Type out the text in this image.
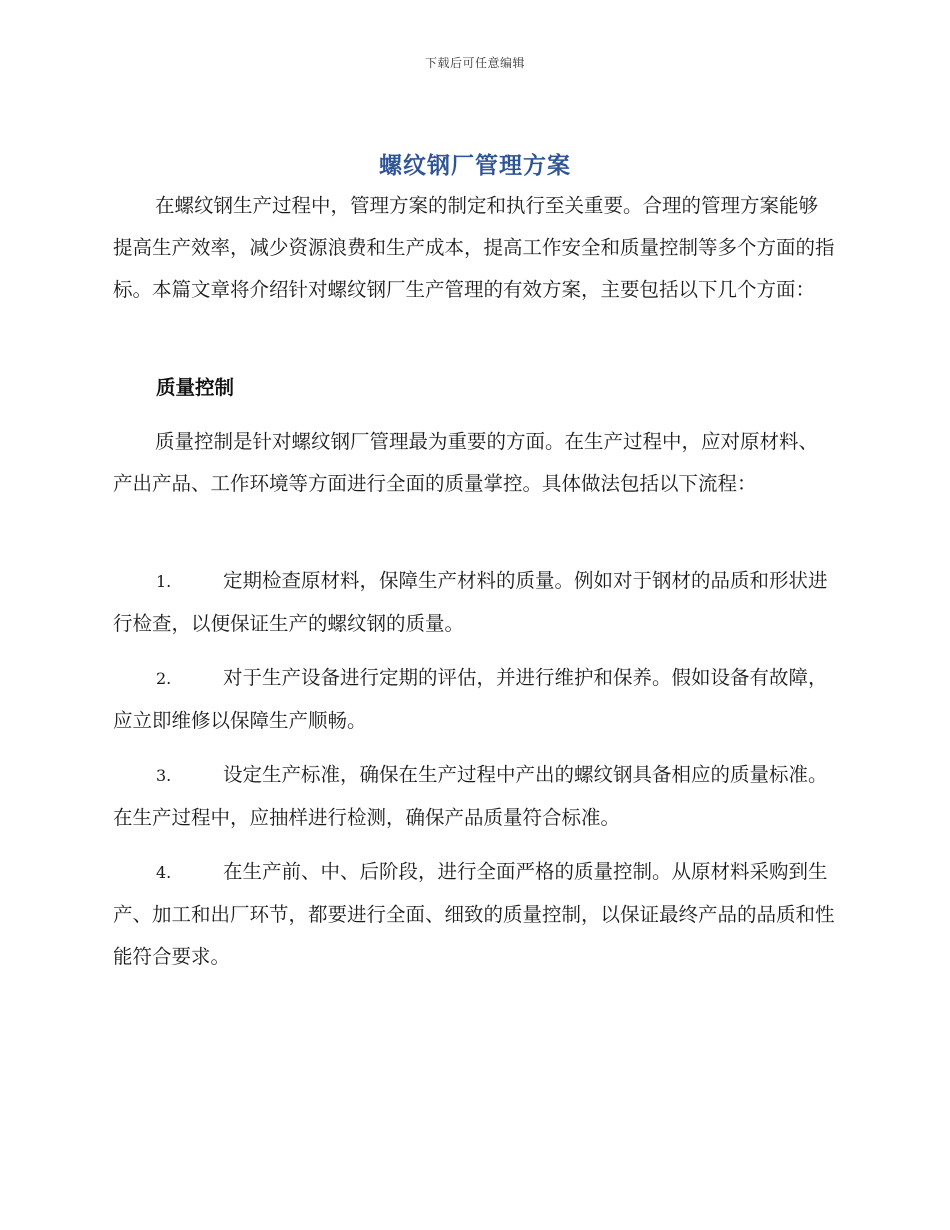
下载后可任意编辑
螺纹钢厂管理方案

在螺纹钢生产过程中，管理方案的制定和执行至关重要。合理的管理方案能够提高生产效率，减少资源浪费和生产成本，提高工作安全和质量控制等多个方面的指标。本篇文章将介绍针对螺纹钢厂生产管理的有效方案，主要包括以下几个方面：

质量控制

质量控制是针对螺纹钢厂管理最为重要的方面。在生产过程中，应对原材料、产出产品、工作环境等方面进行全面的质量掌控。具体做法包括以下流程：

1.	定期检查原材料，保障生产材料的质量。例如对于钢材的品质和形状进行检查，以便保证生产的螺纹钢的质量。

2.	对于生产设备进行定期的评估，并进行维护和保养。假如设备有故障，应立即维修以保障生产顺畅。

3.	设定生产标准，确保在生产过程中产出的螺纹钢具备相应的质量标准。在生产过程中，应抽样进行检测，确保产品质量符合标准。

4.	在生产前、中、后阶段，进行全面严格的质量控制。从原材料采购到生产、加工和出厂环节，都要进行全面、细致的质量控制，以保证最终产品的品质和性能符合要求。
